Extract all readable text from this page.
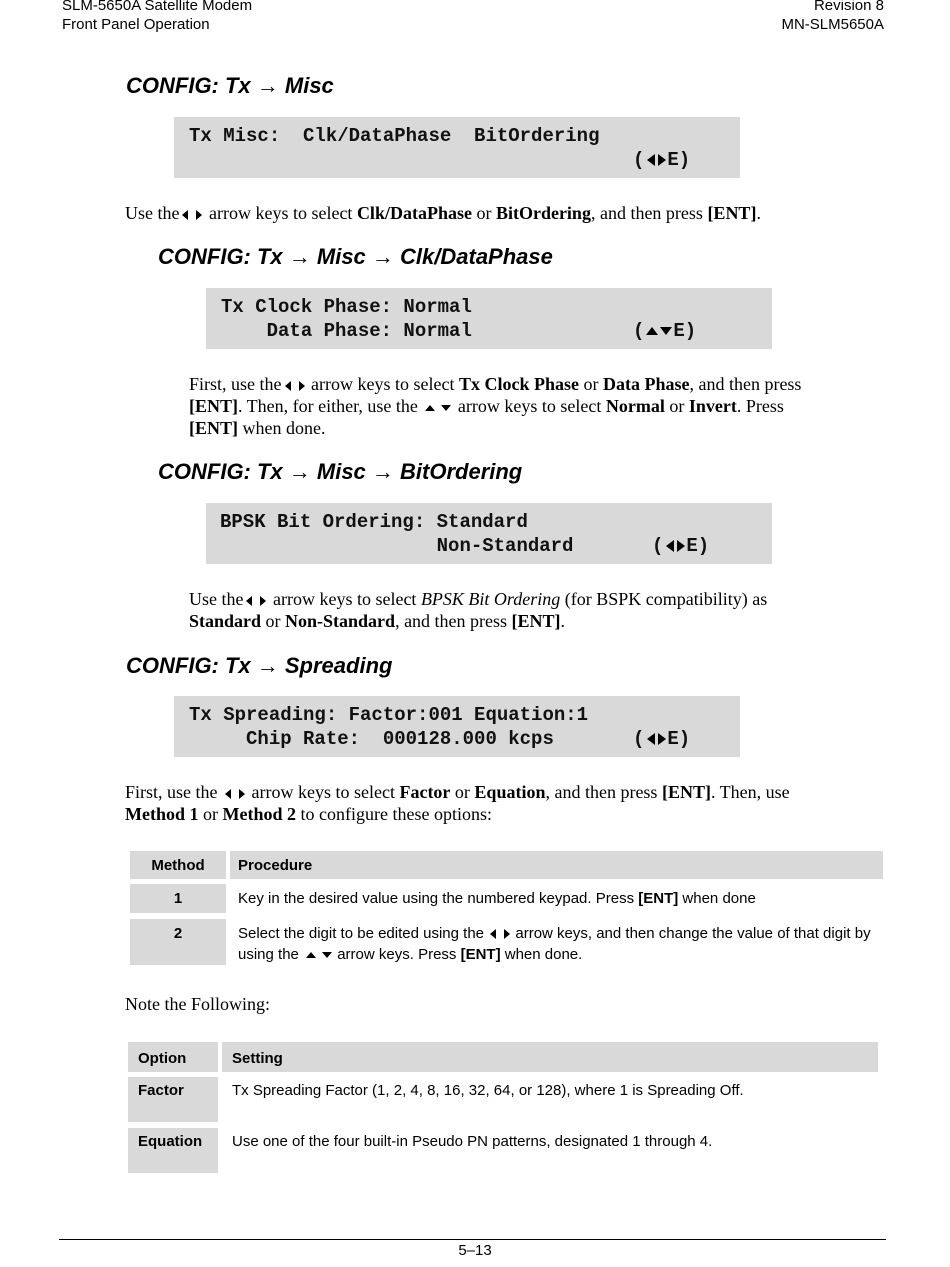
SLM-5650A Satellite Modem
Front Panel Operation
Revision 8
MN-SLM5650A
CONFIG: Tx → Misc
Tx Misc:  Clk/DataPhase  BitOrdering
( E)
Use the arrow keys to select Clk/DataPhase or BitOrdering, and then press [ENT].
CONFIG: Tx → Misc → Clk/DataPhase
Tx Clock Phase: Normal
Data Phase: Normal	( E)
First, use the arrow keys to select Tx Clock Phase or Data Phase, and then press
[ENT]. Then, for either, use the  arrow keys to select Normal or Invert. Press
[ENT] when done.
CONFIG: Tx → Misc → BitOrdering
BPSK Bit Ordering: Standard
Non-Standard	( E)
Use the arrow keys to select BPSK Bit Ordering (for BSPK compatibility) as
Standard or Non-Standard, and then press [ENT].
CONFIG: Tx → Spreading
Tx Spreading: Factor:001 Equation:1
Chip Rate:  000128.000 kcps	( E)
First, use the  arrow keys to select Factor or Equation, and then press [ENT]. Then, use
Method 1 or Method 2 to configure these options:
Method	Procedure
1	Key in the desired value using the numbered keypad. Press [ENT] when done
2	Select the digit to be edited using the  arrow keys, and then change the value of that digit by
using the  arrow keys. Press [ENT] when done.
Note the Following:
Option	Setting
Factor	Tx Spreading Factor (1, 2, 4, 8, 16, 32, 64, or 128), where 1 is Spreading Off.
Equation	Use one of the four built-in Pseudo PN patterns, designated 1 through 4.
5–13
